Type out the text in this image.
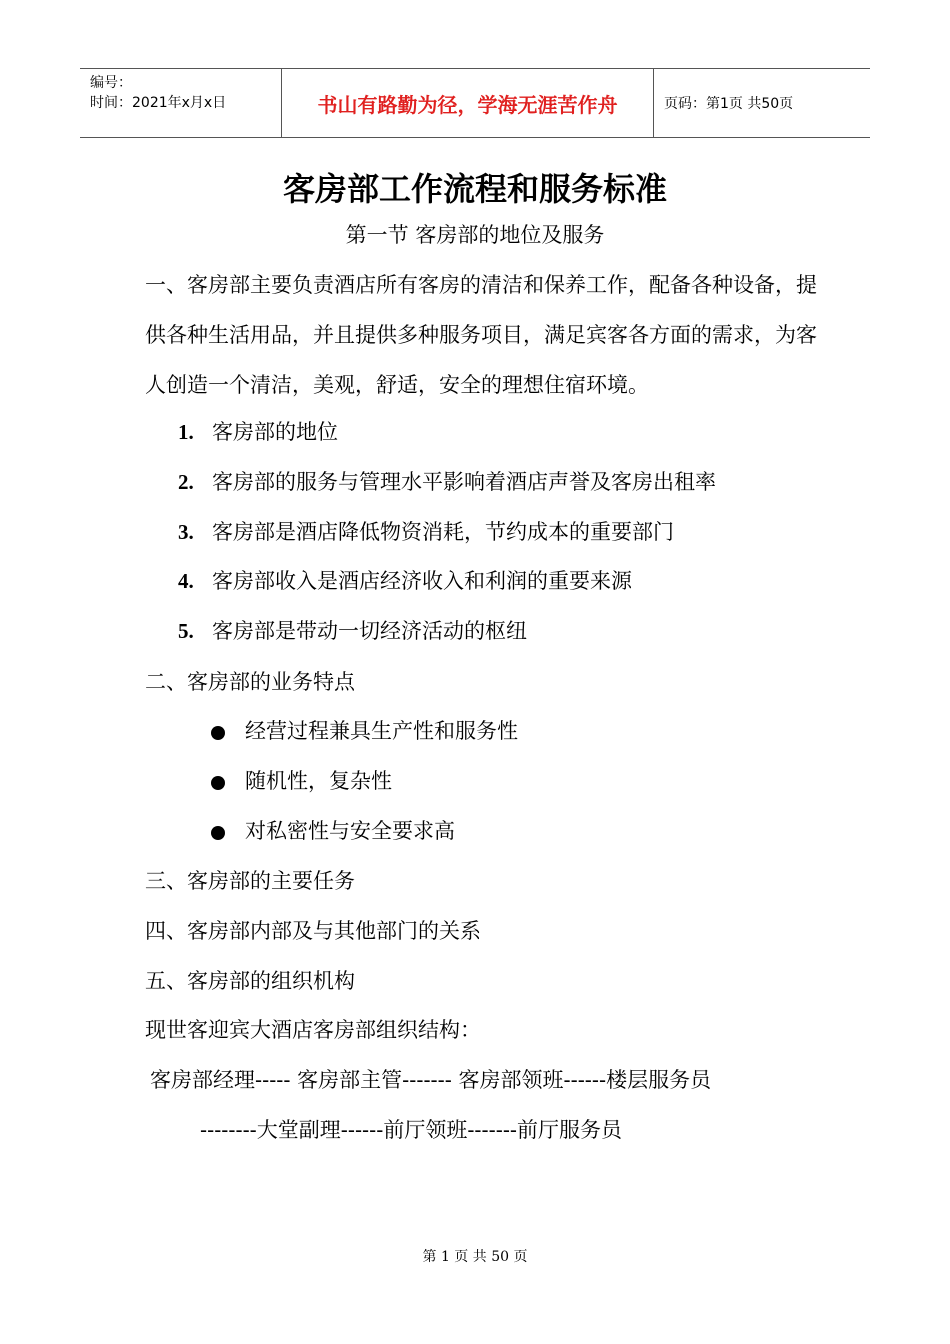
编号：
时间：2021年x月x日	书山有路勤为径，学海无涯苦作舟	页码：第1页 共50页
客房部工作流程和服务标准
第一节 客房部的地位及服务
一、客房部主要负责酒店所有客房的清洁和保养工作，配备各种设备，提供各种生活用品，并且提供多种服务项目，满足宾客各方面的需求，为客人创造一个清洁，美观，舒适，安全的理想住宿环境。
1. 客房部的地位
2. 客房部的服务与管理水平影响着酒店声誉及客房出租率
3. 客房部是酒店降低物资消耗，节约成本的重要部门
4. 客房部收入是酒店经济收入和利润的重要来源
5. 客房部是带动一切经济活动的枢纽
二、客房部的业务特点
经营过程兼具生产性和服务性
随机性，复杂性
对私密性与安全要求高
三、客房部的主要任务
四、客房部内部及与其他部门的关系
五、客房部的组织机构
现世客迎宾大酒店客房部组织结构：
客房部经理----- 客房部主管------- 客房部领班------楼层服务员
--------大堂副理------前厅领班-------前厅服务员
第 1 页 共 50 页
